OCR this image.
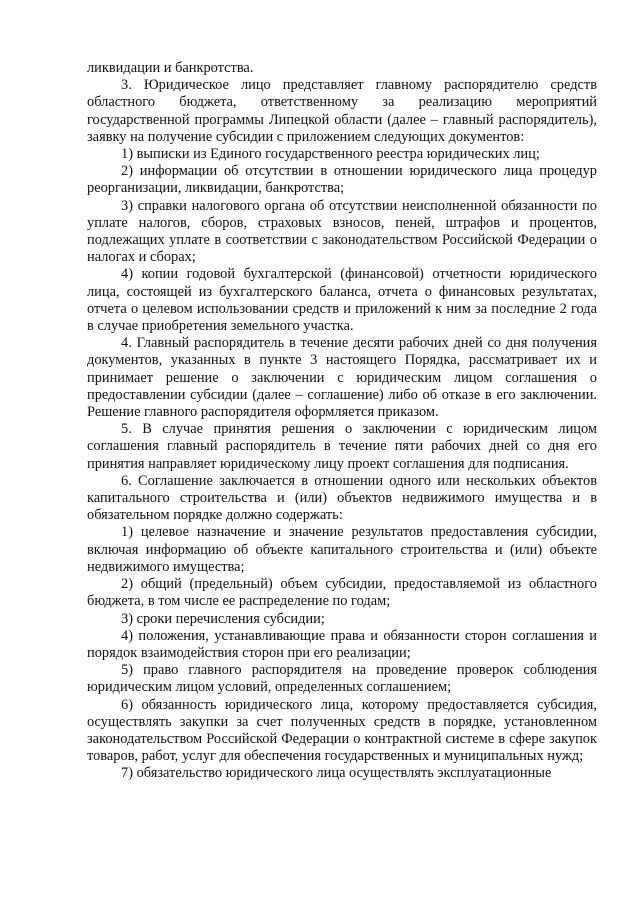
ликвидации и банкротства.

3. Юридическое лицо представляет главному распорядителю средств областного бюджета, ответственному за реализацию мероприятий государственной программы Липецкой области (далее – главный распорядитель), заявку на получение субсидии с приложением следующих документов:

1) выписки из Единого государственного реестра юридических лиц;

2) информации об отсутствии в отношении юридического лица процедур реорганизации, ликвидации, банкротства;

3) справки налогового органа об отсутствии неисполненной обязанности по уплате налогов, сборов, страховых взносов, пеней, штрафов и процентов, подлежащих уплате в соответствии с законодательством Российской Федерации о налогах и сборах;

4) копии годовой бухгалтерской (финансовой) отчетности юридического лица, состоящей из бухгалтерского баланса, отчета о финансовых результатах, отчета о целевом использовании средств и приложений к ним за последние 2 года в случае приобретения земельного участка.

4. Главный распорядитель в течение десяти рабочих дней со дня получения документов, указанных в пункте 3 настоящего Порядка, рассматривает их и принимает решение о заключении с юридическим лицом соглашения о предоставлении субсидии (далее – соглашение) либо об отказе в его заключении. Решение главного распорядителя оформляется приказом.

5. В случае принятия решения о заключении с юридическим лицом соглашения главный распорядитель в течение пяти рабочих дней со дня его принятия направляет юридическому лицу проект соглашения для подписания.

6. Соглашение заключается в отношении одного или нескольких объектов капитального строительства и (или) объектов недвижимого имущества и в обязательном порядке должно содержать:

1) целевое назначение и значение результатов предоставления субсидии, включая информацию об объекте капитального строительства и (или) объекте недвижимого имущества;

2) общий (предельный) объем субсидии, предоставляемой из областного бюджета, в том числе ее распределение по годам;

3) сроки перечисления субсидии;

4) положения, устанавливающие права и обязанности сторон соглашения и порядок взаимодействия сторон при его реализации;

5) право главного распорядителя на проведение проверок соблюдения юридическим лицом условий, определенных соглашением;

6) обязанность юридического лица, которому предоставляется субсидия, осуществлять закупки за счет полученных средств в порядке, установленном законодательством Российской Федерации о контрактной системе в сфере закупок товаров, работ, услуг для обеспечения государственных и муниципальных нужд;

7) обязательство юридического лица осуществлять эксплуатационные
